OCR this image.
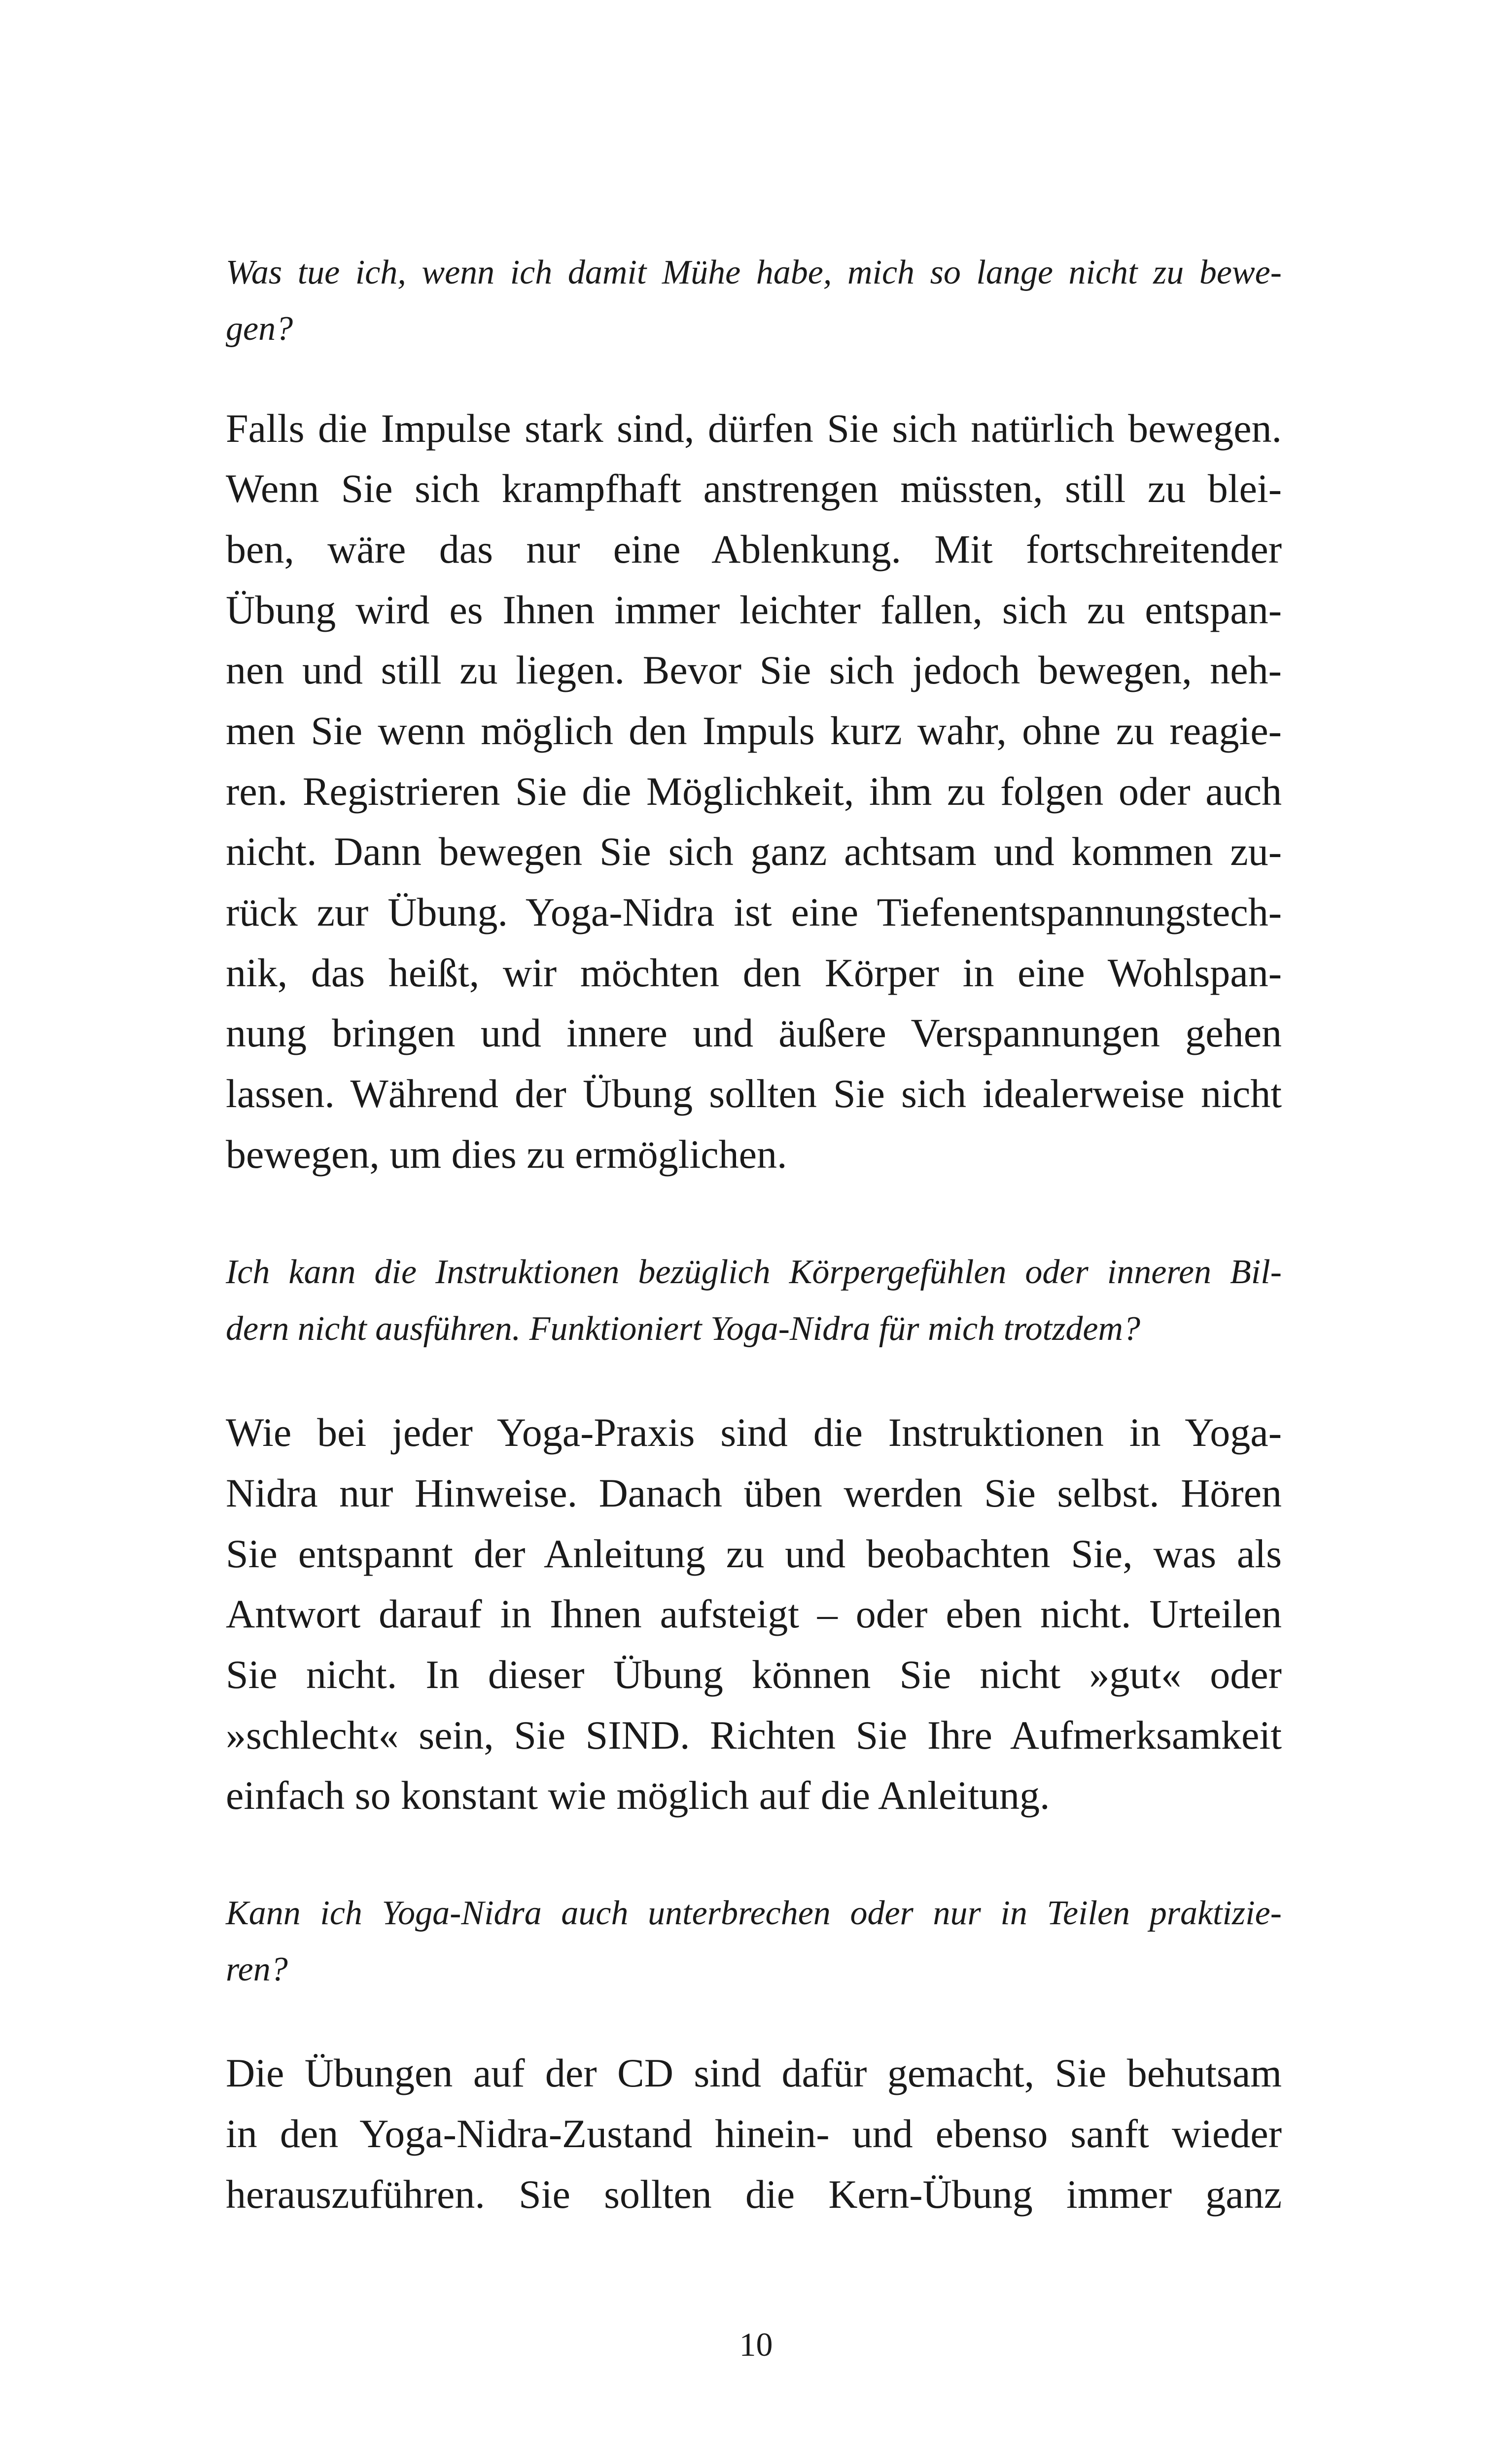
Was tue ich, wenn ich damit Mühe habe, mich so lange nicht zu bewe-

gen?

Falls die Impulse stark sind, dürfen Sie sich natürlich bewegen.

Wenn Sie sich krampfhaft anstrengen müssten, still zu blei-

ben, wäre das nur eine Ablenkung. Mit fortschreitender

Übung wird es Ihnen immer leichter fallen, sich zu entspan-

nen und still zu liegen. Bevor Sie sich jedoch bewegen, neh-

men Sie wenn möglich den Impuls kurz wahr, ohne zu reagie-

ren. Registrieren Sie die Möglichkeit, ihm zu folgen oder auch

nicht. Dann bewegen Sie sich ganz achtsam und kommen zu-

rück zur Übung. Yoga-Nidra ist eine Tiefenentspannungstech-

nik, das heißt, wir möchten den Körper in eine Wohlspan-

nung bringen und innere und äußere Verspannungen gehen

lassen. Während der Übung sollten Sie sich idealerweise nicht

bewegen, um dies zu ermöglichen.

Ich kann die Instruktionen bezüglich Körpergefühlen oder inneren Bil-

dern nicht ausführen. Funktioniert Yoga-Nidra für mich trotzdem?

Wie bei jeder Yoga-Praxis sind die Instruktionen in Yoga-

Nidra nur Hinweise. Danach üben werden Sie selbst. Hören

Sie entspannt der Anleitung zu und beobachten Sie, was als

Antwort darauf in Ihnen aufsteigt – oder eben nicht. Urteilen

Sie nicht. In dieser Übung können Sie nicht »gut« oder

»schlecht« sein, Sie SIND. Richten Sie Ihre Aufmerksamkeit

einfach so konstant wie möglich auf die Anleitung.

Kann ich Yoga-Nidra auch unterbrechen oder nur in Teilen praktizie-

ren?

Die Übungen auf der CD sind dafür gemacht, Sie behutsam

in den Yoga-Nidra-Zustand hinein- und ebenso sanft wieder

herauszuführen. Sie sollten die Kern-Übung immer ganz

10
